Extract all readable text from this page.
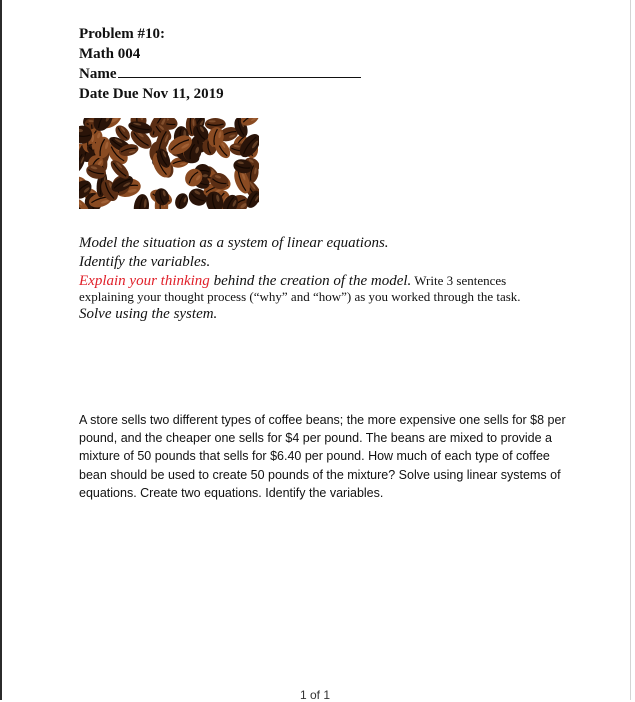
Problem #10:
Math 004
Name
Date Due Nov 11, 2019
Model the situation as a system of linear equations.
Identify the variables.
Explain your thinking behind the creation of the model. Write 3 sentences explaining your thought process (“why” and “how”) as you worked through the task.
Solve using the system.
A store sells two different types of coffee beans; the more expensive one sells for $8 per pound, and the cheaper one sells for $4 per pound. The beans are mixed to provide a mixture of 50 pounds that sells for $6.40 per pound. How much of each type of coffee bean should be used to create 50 pounds of the mixture? Solve using linear systems of equations. Create two equations. Identify the variables.
1 of 1
